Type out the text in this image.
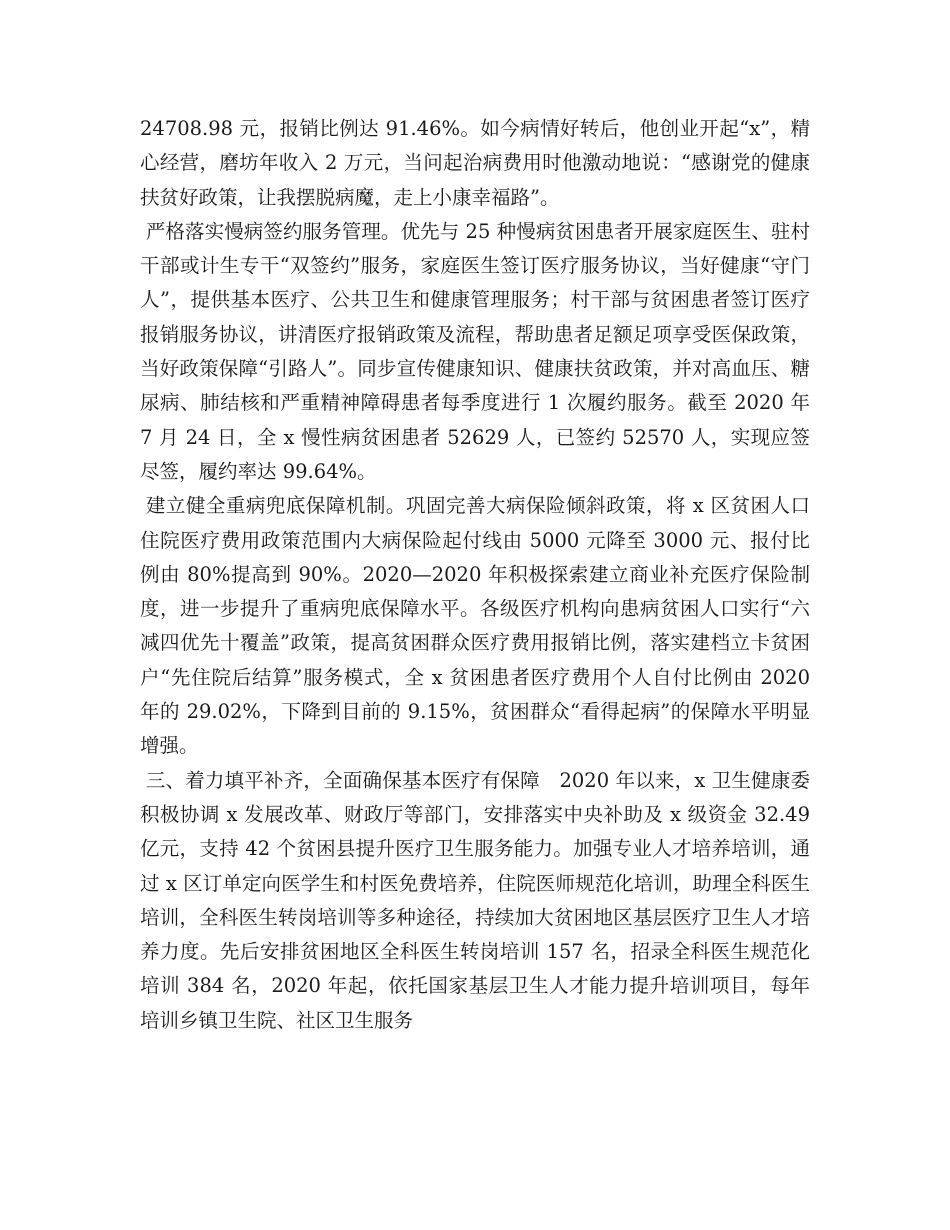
24708.98 元，报销比例达 91.46%。如今病情好转后，他创业开起“x”，精心经营，磨坊年收入 2 万元，当问起治病费用时他激动地说：“感谢党的健康扶贫好政策，让我摆脱病魔，走上小康幸福路”。

严格落实慢病签约服务管理。优先与 25 种慢病贫困患者开展家庭医生、驻村干部或计生专干“双签约”服务，家庭医生签订医疗服务协议，当好健康“守门人”，提供基本医疗、公共卫生和健康管理服务；村干部与贫困患者签订医疗报销服务协议，讲清医疗报销政策及流程，帮助患者足额足项享受医保政策，当好政策保障“引路人”。同步宣传健康知识、健康扶贫政策，并对高血压、糖尿病、肺结核和严重精神障碍患者每季度进行 1 次履约服务。截至 2020 年 7 月 24 日，全 x 慢性病贫困患者 52629 人，已签约 52570 人，实现应签尽签，履约率达 99.64%。

建立健全重病兜底保障机制。巩固完善大病保险倾斜政策，将 x 区贫困人口住院医疗费用政策范围内大病保险起付线由 5000 元降至 3000 元、报付比例由 80%提高到 90%。2020—2020 年积极探索建立商业补充医疗保险制度，进一步提升了重病兜底保障水平。各级医疗机构向患病贫困人口实行“六减四优先十覆盖”政策，提高贫困群众医疗费用报销比例，落实建档立卡贫困户“先住院后结算”服务模式，全 x 贫困患者医疗费用个人自付比例由 2020 年的 29.02%，下降到目前的 9.15%，贫困群众“看得起病”的保障水平明显增强。

三、着力填平补齐，全面确保基本医疗有保障　2020 年以来，x 卫生健康委积极协调 x 发展改革、财政厅等部门，安排落实中央补助及 x 级资金 32.49 亿元，支持 42 个贫困县提升医疗卫生服务能力。加强专业人才培养培训，通过 x 区订单定向医学生和村医免费培养，住院医师规范化培训，助理全科医生培训，全科医生转岗培训等多种途径，持续加大贫困地区基层医疗卫生人才培养力度。先后安排贫困地区全科医生转岗培训 157 名，招录全科医生规范化培训 384 名，2020 年起，依托国家基层卫生人才能力提升培训项目，每年培训乡镇卫生院、社区卫生服务
